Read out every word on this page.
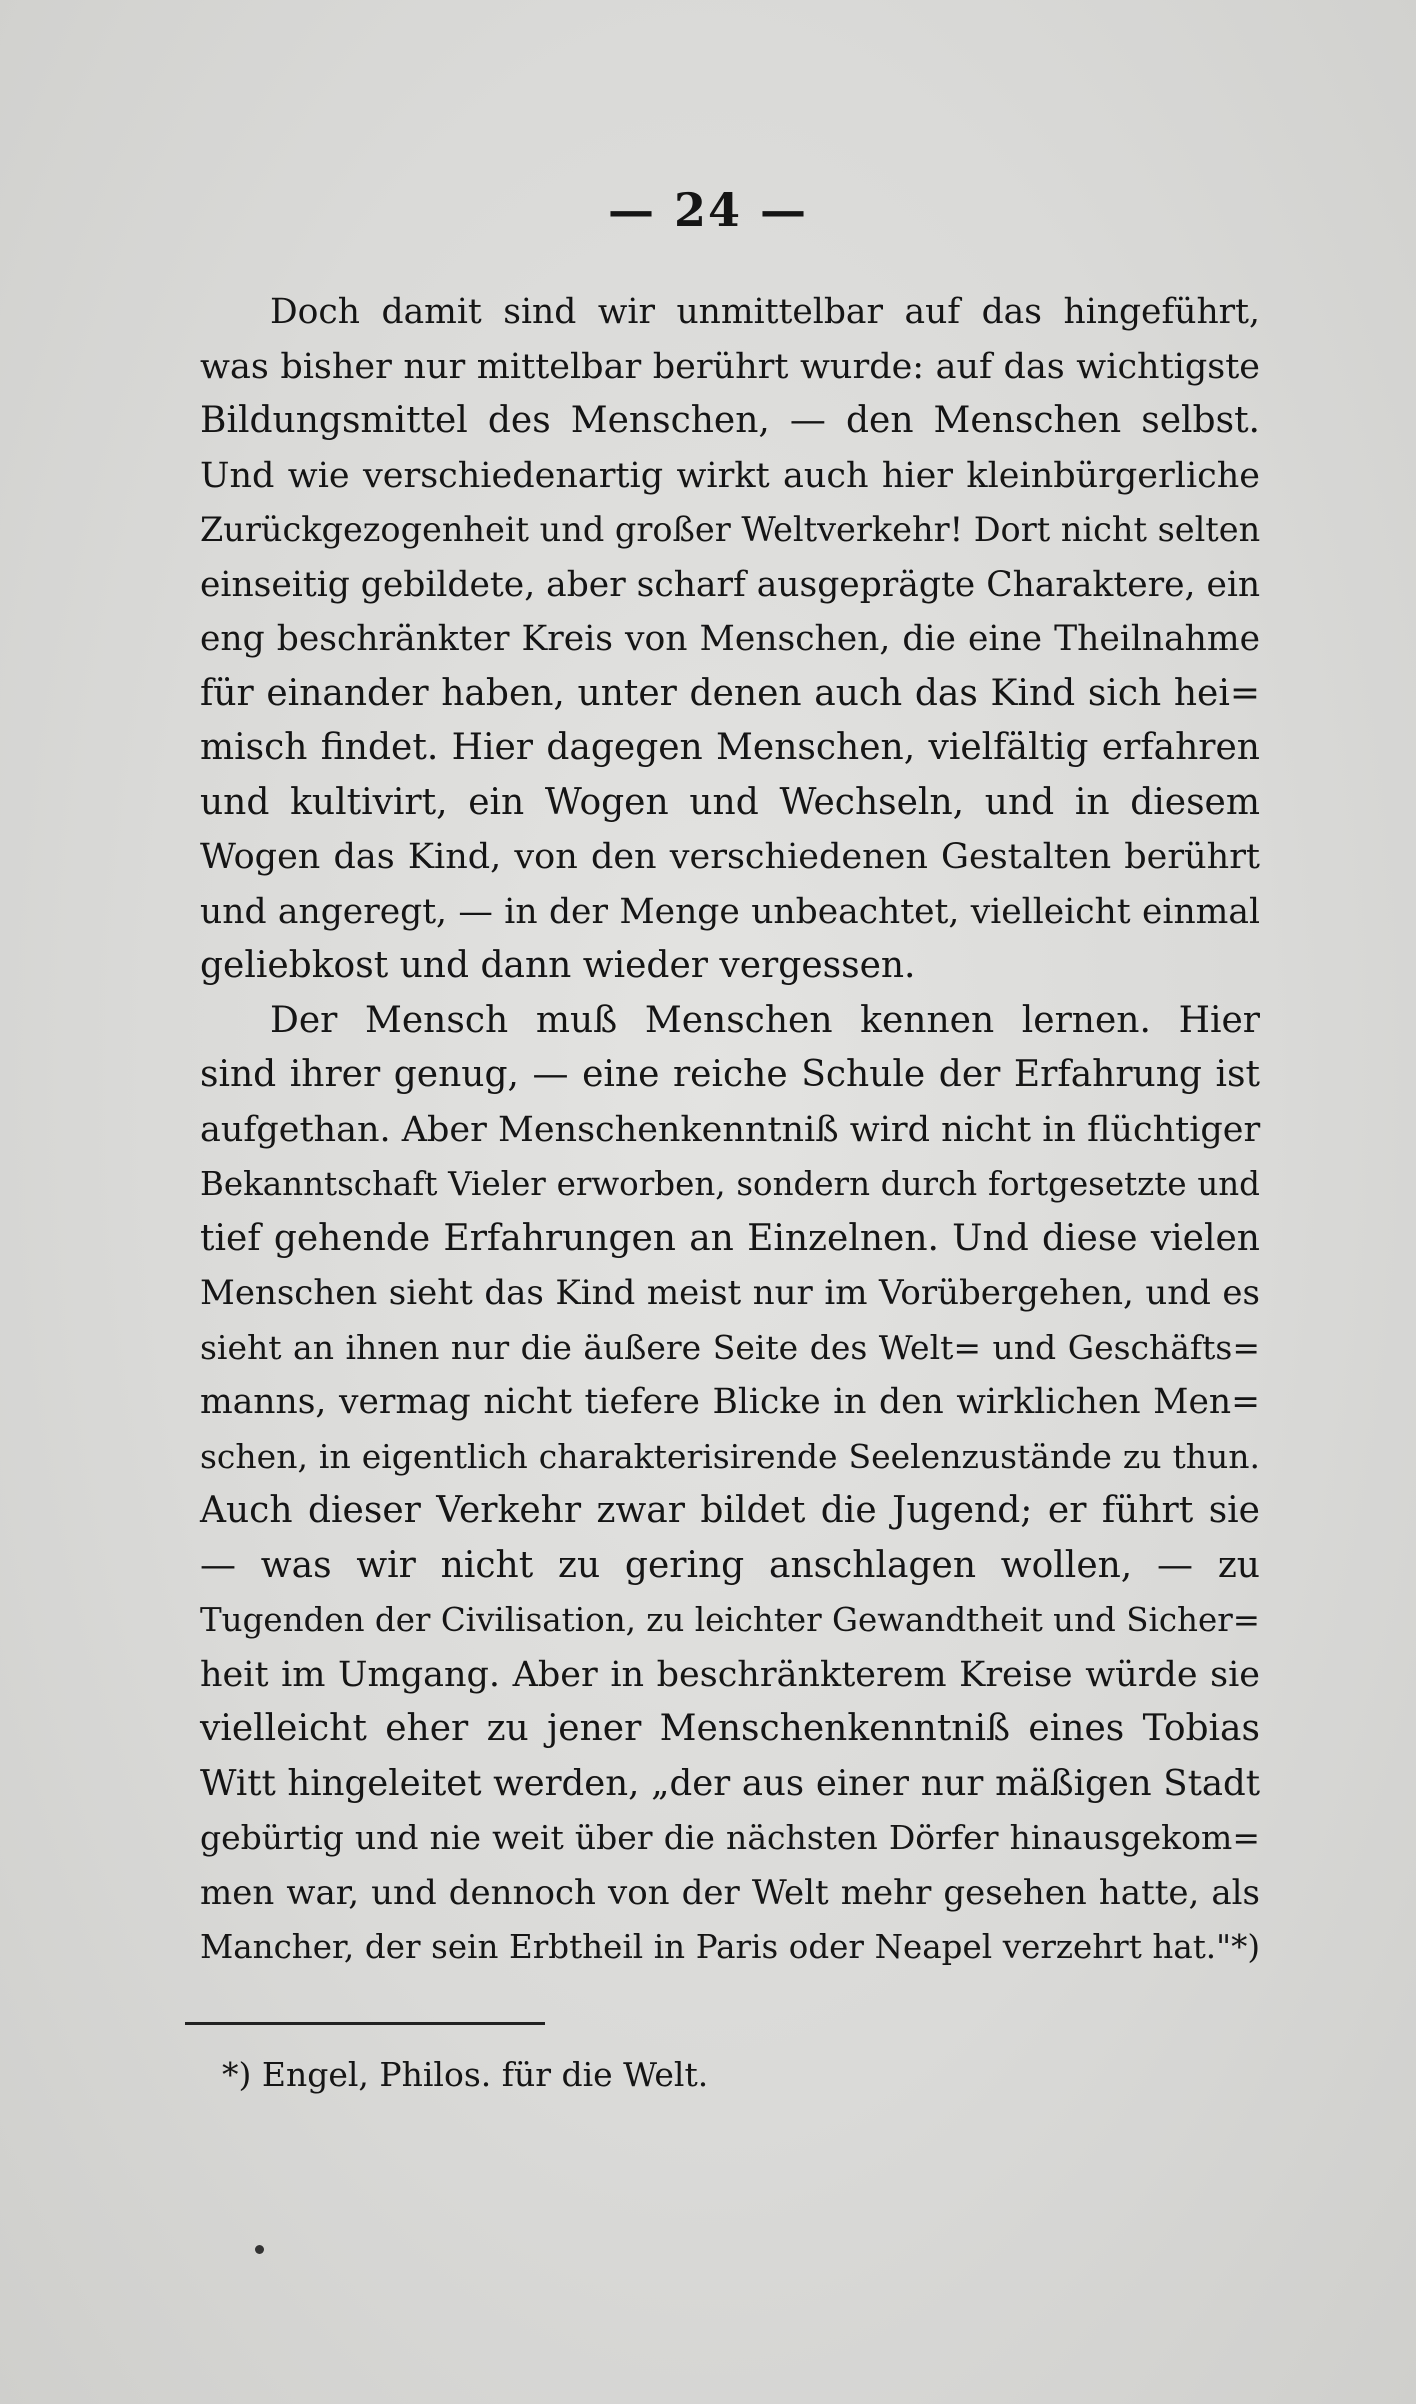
— 24 —
Doch damit sind wir unmittelbar auf das hingeführt,
was bisher nur mittelbar berührt wurde: auf das wichtigste
Bildungsmittel des Menschen, — den Menschen selbst.
Und wie verschiedenartig wirkt auch hier kleinbürgerliche
Zurückgezogenheit und großer Weltverkehr! Dort nicht selten
einseitig gebildete, aber scharf ausgeprägte Charaktere, ein
eng beschränkter Kreis von Menschen, die eine Theilnahme
für einander haben, unter denen auch das Kind sich hei=
misch findet. Hier dagegen Menschen, vielfältig erfahren
und kultivirt, ein Wogen und Wechseln, und in diesem
Wogen das Kind, von den verschiedenen Gestalten berührt
und angeregt, — in der Menge unbeachtet, vielleicht einmal
geliebkost und dann wieder vergessen.
Der Mensch muß Menschen kennen lernen. Hier
sind ihrer genug, — eine reiche Schule der Erfahrung ist
aufgethan. Aber Menschenkenntniß wird nicht in flüchtiger
Bekanntschaft Vieler erworben, sondern durch fortgesetzte und
tief gehende Erfahrungen an Einzelnen. Und diese vielen
Menschen sieht das Kind meist nur im Vorübergehen, und es
sieht an ihnen nur die äußere Seite des Welt= und Geschäfts=
manns, vermag nicht tiefere Blicke in den wirklichen Men=
schen, in eigentlich charakterisirende Seelenzustände zu thun.
Auch dieser Verkehr zwar bildet die Jugend; er führt sie
— was wir nicht zu gering anschlagen wollen, — zu
Tugenden der Civilisation, zu leichter Gewandtheit und Sicher=
heit im Umgang. Aber in beschränkterem Kreise würde sie
vielleicht eher zu jener Menschenkenntniß eines Tobias
Witt hingeleitet werden, „der aus einer nur mäßigen Stadt
gebürtig und nie weit über die nächsten Dörfer hinausgekom=
men war, und dennoch von der Welt mehr gesehen hatte, als
Mancher, der sein Erbtheil in Paris oder Neapel verzehrt hat."*)
*) Engel, Philos. für die Welt.
